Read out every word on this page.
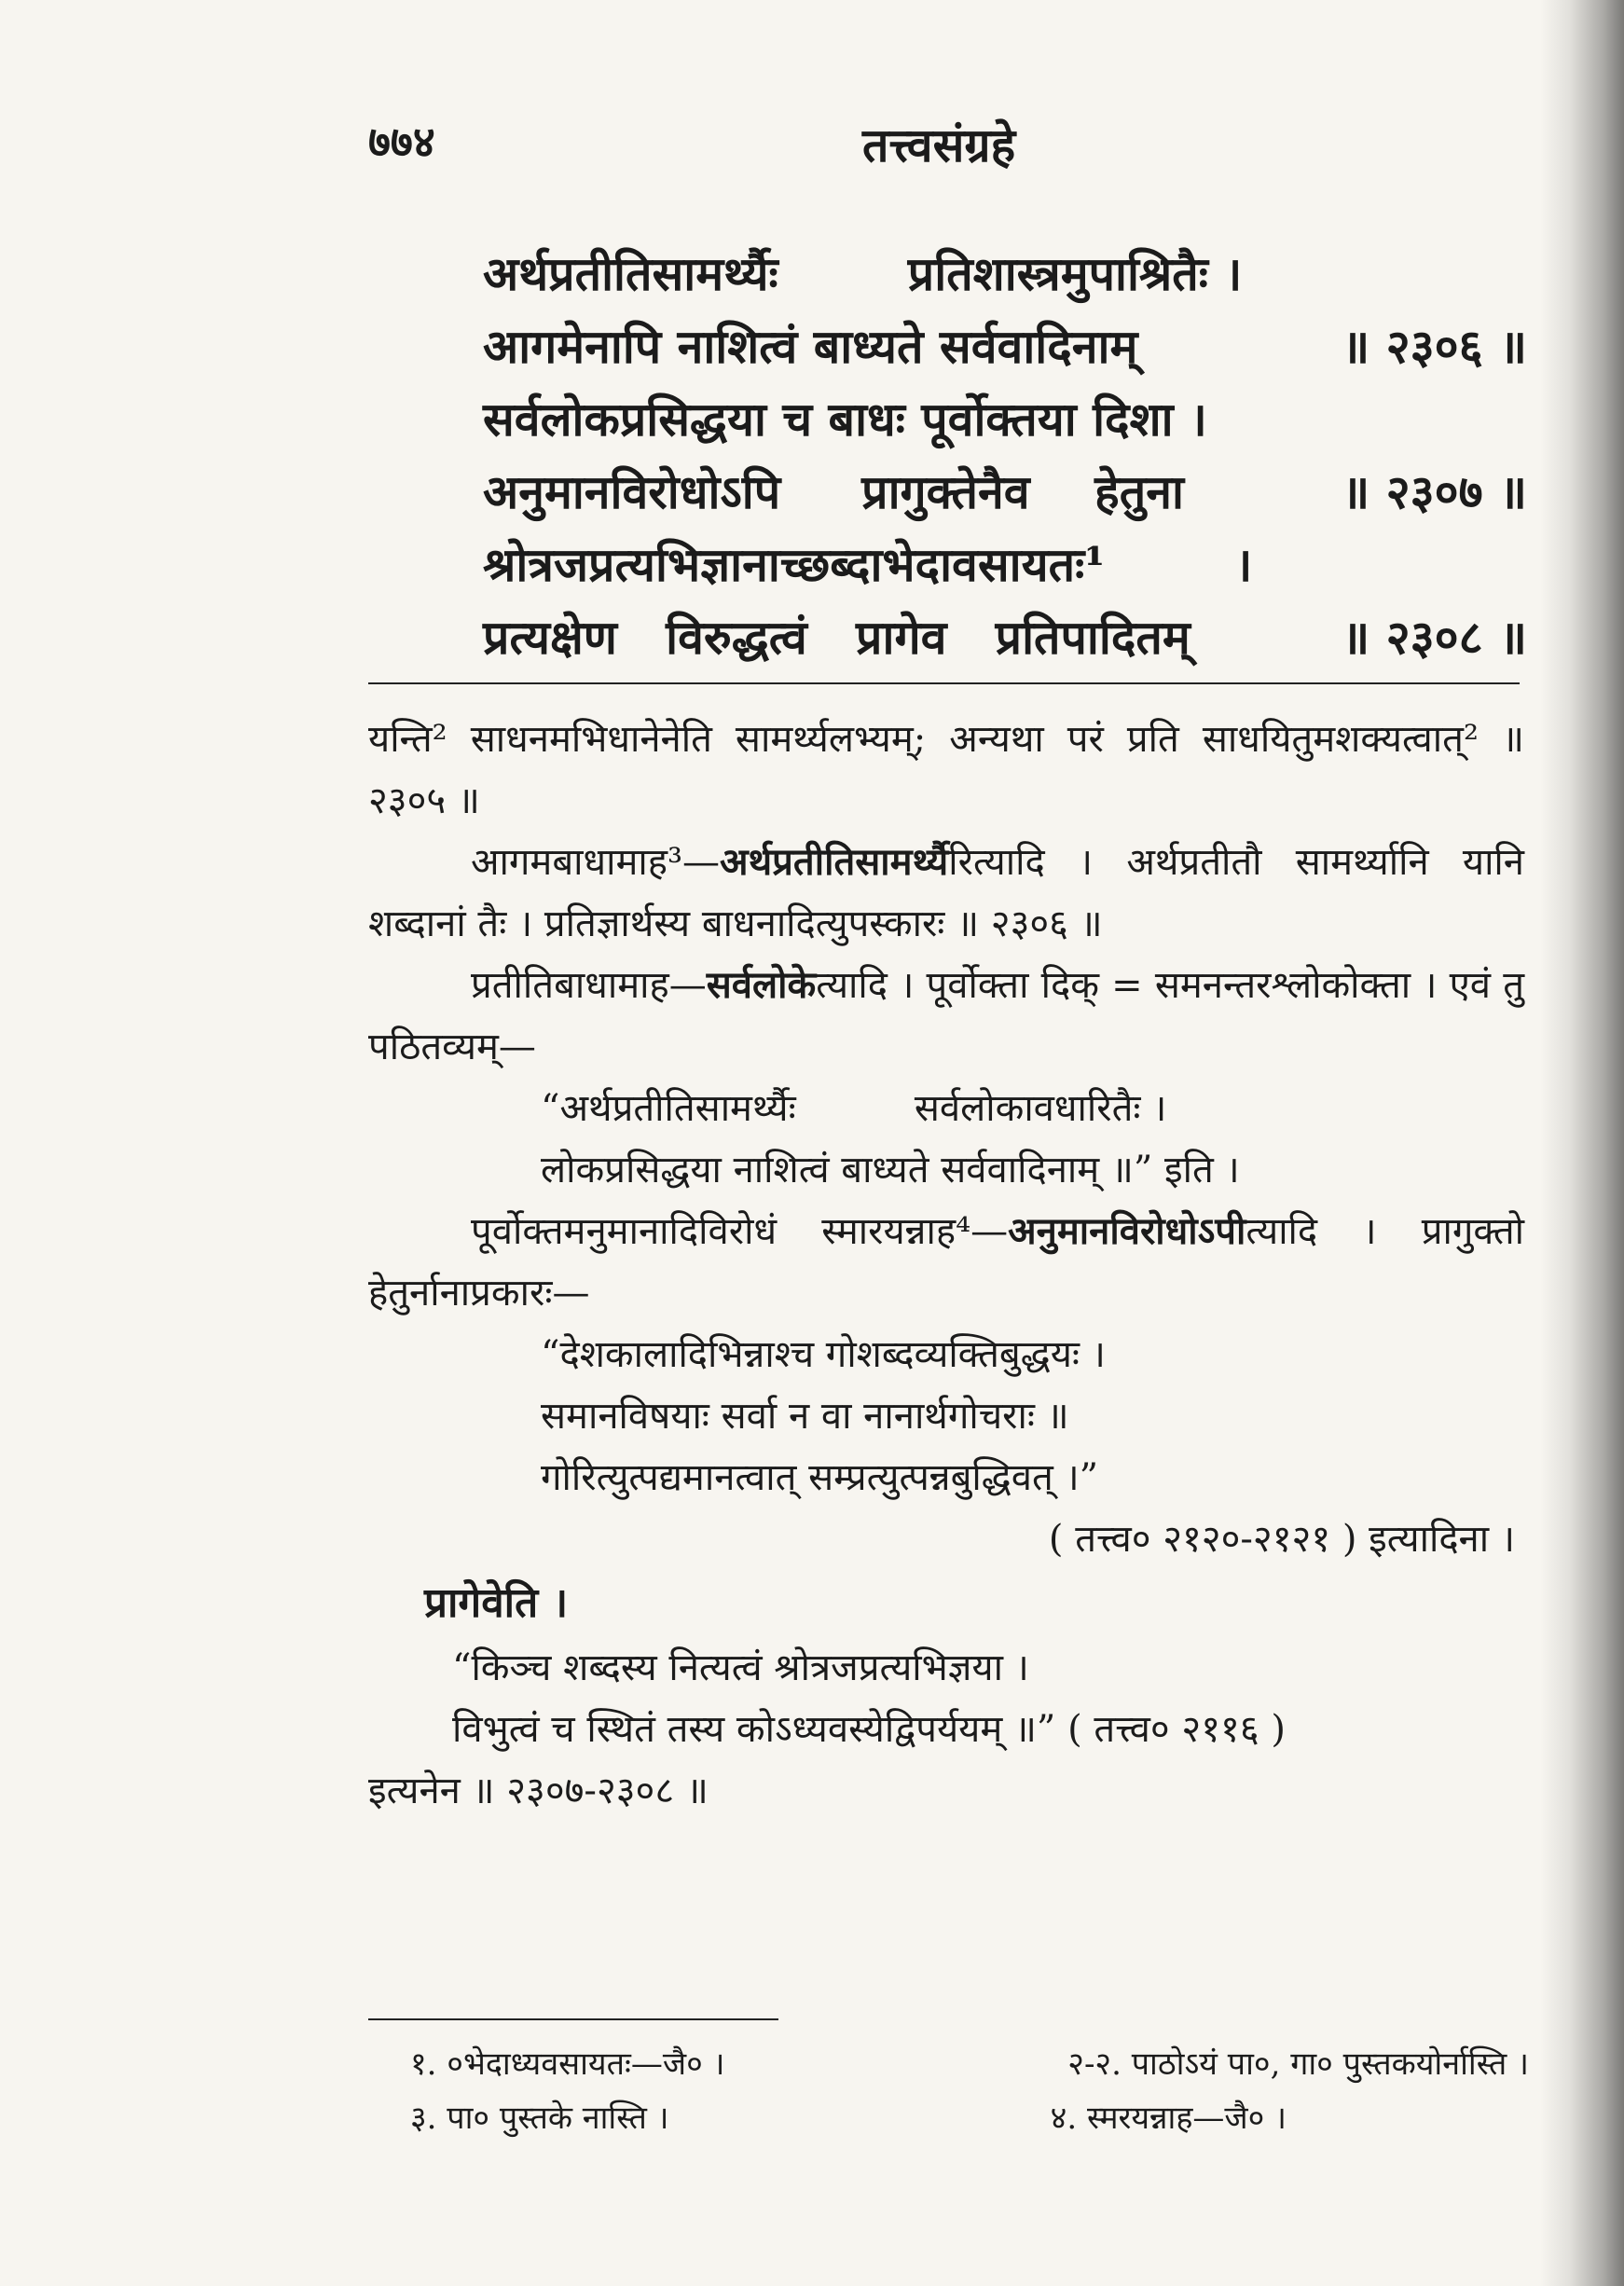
७७४	तत्त्वसंग्रहे
अर्थप्रतीतिसामर्थ्यैः        प्रतिशास्त्रमुपाश्रितैः ।
आगमेनापि नाशित्वं बाध्यते सर्ववादिनाम्	॥ २३०६ ॥
सर्वलोकप्रसिद्धया च बाधः पूर्वोक्तया दिशा ।
अनुमानविरोधोऽपि     प्रागुक्तेनैव    हेतुना	॥ २३०७ ॥
श्रोत्रजप्रत्यभिज्ञानाच्छब्दाभेदावसायतः¹        ।
प्रत्यक्षेण   विरुद्धत्वं   प्रागेव   प्रतिपादितम्	॥ २३०८ ॥
यन्ति² साधनमभिधानेनेति सामर्थ्यलभ्यम्; अन्यथा परं प्रति साधयितुमशक्यत्वात्² ॥ २३०५ ॥
आगमबाधामाह³—अर्थप्रतीतिसामर्थ्यैरित्यादि । अर्थप्रतीतौ सामर्थ्यानि यानि शब्दानां तैः । प्रतिज्ञार्थस्य बाधनादित्युपस्कारः ॥ २३०६ ॥
प्रतीतिबाधामाह—सर्वलोकेत्यादि । पूर्वोक्ता दिक् = समनन्तरश्लोकोक्ता । एवं तु पठितव्यम्—
“अर्थप्रतीतिसामर्थ्यैः          सर्वलोकावधारितैः ।
लोकप्रसिद्धया नाशित्वं बाध्यते सर्ववादिनाम् ॥” इति ।
पूर्वोक्तमनुमानादिविरोधं स्मारयन्नाह⁴—अनुमानविरोधोऽपीत्यादि । प्रागुक्तो हेतुर्नानाप्रकारः—
“देशकालादिभिन्नाश्च गोशब्दव्यक्तिबुद्धयः ।
समानविषयाः सर्वा न वा नानार्थगोचराः ॥
गोरित्युत्पद्यमानत्वात् सम्प्रत्युत्पन्नबुद्धिवत् ।”
( तत्त्व० २१२०-२१२१ ) इत्यादिना ।
प्रागेवेति ।
“किञ्च शब्दस्य नित्यत्वं श्रोत्रजप्रत्यभिज्ञया ।
विभुत्वं च स्थितं तस्य कोऽध्यवस्येद्विपर्ययम् ॥” ( तत्त्व० २११६ )
इत्यनेन ॥ २३०७-२३०८ ॥
१. ०भेदाध्यवसायतः—जै० ।	२-२. पाठोऽयं पा०, गा० पुस्तकयोर्नास्ति ।
३. पा० पुस्तके नास्ति ।	४. स्मरयन्नाह—जै० ।
